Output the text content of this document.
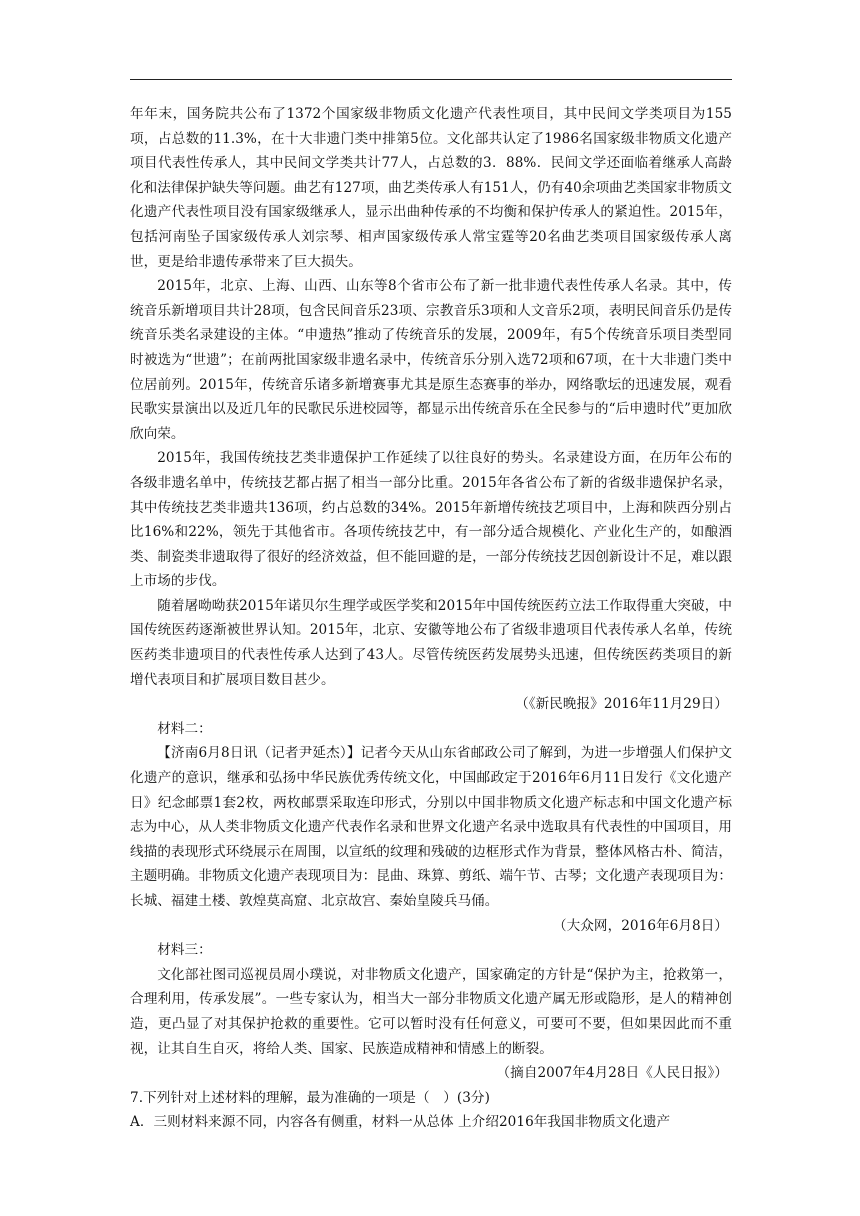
年年末，国务院共公布了1372个国家级非物质文化遗产代表性项目，其中民间文学类项目为155项，占总数的11.3%，在十大非遗门类中排第5位。文化部共认定了1986名国家级非物质文化遗产项目代表性传承人，其中民间文学类共计77人，占总数的3．88%．民间文学还面临着继承人高龄化和法律保护缺失等问题。曲艺有127项，曲艺类传承人有151人，仍有40余项曲艺类国家非物质文化遗产代表性项目没有国家级继承人，显示出曲种传承的不均衡和保护传承人的紧迫性。2015年，包括河南坠子国家级传承人刘宗琴、相声国家级传承人常宝霆等20名曲艺类项目国家级传承人离世，更是给非遗传承带来了巨大损失。

2015年，北京、上海、山西、山东等8个省市公布了新一批非遗代表性传承人名录。其中，传统音乐新增项目共计28项，包含民间音乐23项、宗教音乐3项和人文音乐2项，表明民间音乐仍是传统音乐类名录建设的主体。“申遗热”推动了传统音乐的发展，2009年，有5个传统音乐项目类型同时被选为“世遗”；在前两批国家级非遗名录中，传统音乐分别入选72项和67项，在十大非遗门类中位居前列。2015年，传统音乐诸多新增赛事尤其是原生态赛事的举办，网络歌坛的迅速发展，观看民歌实景演出以及近几年的民歌民乐进校园等，都显示出传统音乐在全民参与的“后申遗时代”更加欣欣向荣。

2015年，我国传统技艺类非遗保护工作延续了以往良好的势头。名录建设方面，在历年公布的各级非遗名单中，传统技艺都占据了相当一部分比重。2015年各省公布了新的省级非遗保护名录，其中传统技艺类非遗共136项，约占总数的34%。2015年新增传统技艺项目中，上海和陕西分别占比16%和22%，领先于其他省市。各项传统技艺中，有一部分适合规模化、产业化生产的，如酿酒类、制瓷类非遗取得了很好的经济效益，但不能回避的是，一部分传统技艺因创新设计不足，难以跟上市场的步伐。

随着屠呦呦获2015年诺贝尔生理学或医学奖和2015年中国传统医药立法工作取得重大突破，中国传统医药逐渐被世界认知。2015年，北京、安徽等地公布了省级非遗项目代表传承人名单，传统医药类非遗项目的代表性传承人达到了43人。尽管传统医药发展势头迅速，但传统医药类项目的新增代表项目和扩展项目数目甚少。

（《新民晚报》2016年11月29日）

材料二：

【济南6月8日讯（记者尹延杰）】记者今天从山东省邮政公司了解到，为进一步增强人们保护文化遗产的意识，继承和弘扬中华民族优秀传统文化，中国邮政定于2016年6月11日发行《文化遗产日》纪念邮票1套2枚，两枚邮票采取连印形式，分别以中国非物质文化遗产标志和中国文化遗产标志为中心，从人类非物质文化遗产代表作名录和世界文化遗产名录中选取具有代表性的中国项目，用线描的表现形式环绕展示在周围，以宣纸的纹理和残破的边框形式作为背景，整体风格古朴、简洁，主题明确。非物质文化遗产表现项目为：昆曲、珠算、剪纸、端午节、古琴；文化遗产表现项目为：长城、福建土楼、敦煌莫高窟、北京故宫、秦始皇陵兵马俑。

（大众网，2016年6月8日）

材料三：

文化部社图司巡视员周小璞说，对非物质文化遗产，国家确定的方针是“保护为主，抢救第一，合理利用，传承发展”。一些专家认为，相当大一部分非物质文化遗产属无形或隐形，是人的精神创造，更凸显了对其保护抢救的重要性。它可以暂时没有任何意义，可要可不要，但如果因此而不重视，让其自生自灭，将给人类、国家、民族造成精神和情感上的断裂。

（摘自2007年4月28日《人民日报》）

7.下列针对上述材料的理解，最为准确的一项是（　）(3分)

A．三则材料来源不同，内容各有侧重，材料一从总体 上介绍2016年我国非物质文化遗产
